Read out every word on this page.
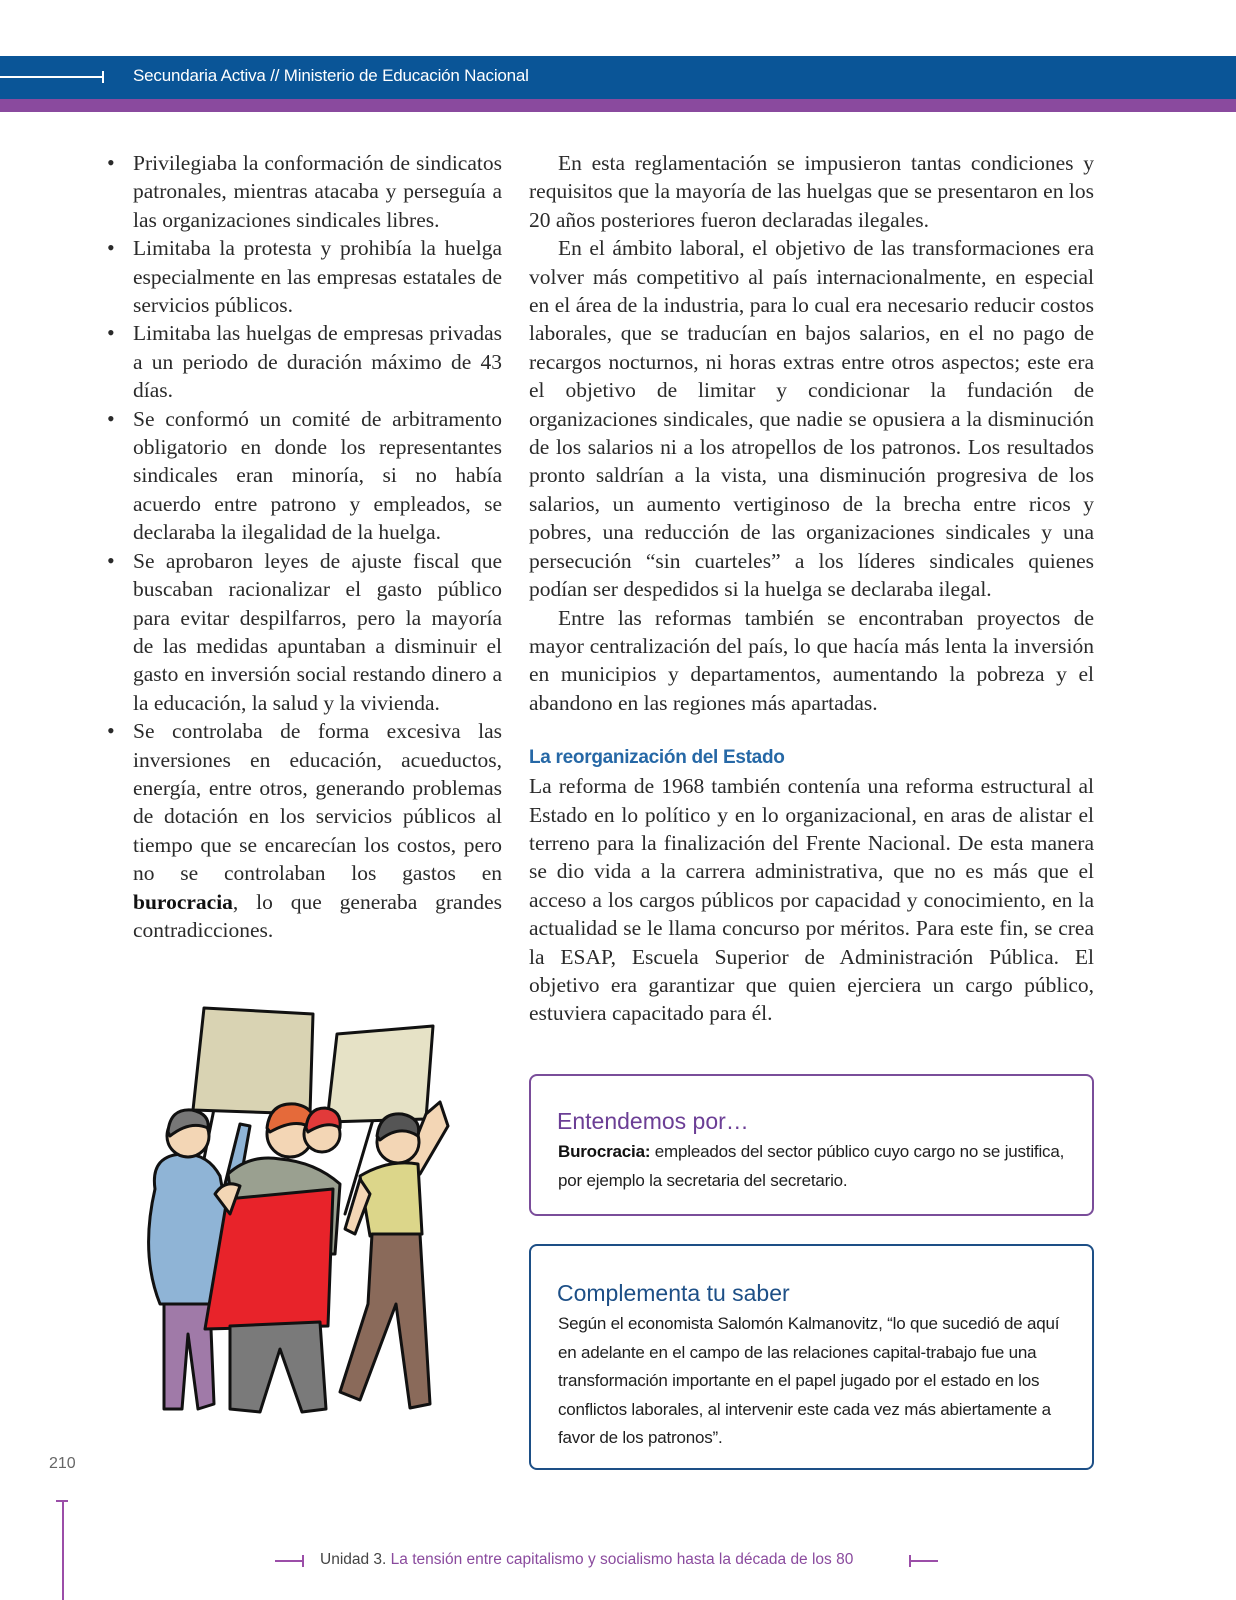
Secundaria Activa // Ministerio de Educación Nacional
• Privilegiaba la conformación de sindicatos patronales, mientras atacaba y perseguía a las organizaciones sindicales libres.
• Limitaba la protesta y prohibía la huelga especialmente en las empresas estatales de servicios públicos.
• Limitaba las huelgas de empresas privadas a un periodo de duración máximo de 43 días.
• Se conformó un comité de arbitramento obligatorio en donde los representantes sindicales eran minoría, si no había acuerdo entre patrono y empleados, se declaraba la ilegalidad de la huelga.
• Se aprobaron leyes de ajuste fiscal que buscaban racionalizar el gasto público para evitar despilfarros, pero la mayoría de las medidas apuntaban a disminuir el gasto en inversión social restando dinero a la educación, la salud y la vivienda.
• Se controlaba de forma excesiva las inversiones en educación, acueductos, energía, entre otros, generando problemas de dotación en los servicios públicos al tiempo que se encarecían los costos, pero no se controlaban los gastos en burocracia, lo que generaba grandes contradicciones.

En esta reglamentación se impusieron tantas condiciones y requisitos que la mayoría de las huelgas que se presentaron en los 20 años posteriores fueron declaradas ilegales.

En el ámbito laboral, el objetivo de las transformaciones era volver más competitivo al país internacionalmente, en especial en el área de la industria, para lo cual era necesario reducir costos laborales, que se traducían en bajos salarios, en el no pago de recargos nocturnos, ni horas extras entre otros aspectos; este era el objetivo de limitar y condicionar la fundación de organizaciones sindicales, que nadie se opusiera a la disminución de los salarios ni a los atropellos de los patronos. Los resultados pronto saldrían a la vista, una disminución progresiva de los salarios, un aumento vertiginoso de la brecha entre ricos y pobres, una reducción de las organizaciones sindicales y una persecución “sin cuarteles” a los líderes sindicales quienes podían ser despedidos si la huelga se declaraba ilegal.

Entre las reformas también se encontraban proyectos de mayor centralización del país, lo que hacía más lenta la inversión en municipios y departamentos, aumentando la pobreza y el abandono en las regiones más apartadas.

La reorganización del Estado

La reforma de 1968 también contenía una reforma estructural al Estado en lo político y en lo organizacional, en aras de alistar el terreno para la finalización del Frente Nacional. De esta manera se dio vida a la carrera administrativa, que no es más que el acceso a los cargos públicos por capacidad y conocimiento, en la actualidad se le llama concurso por méritos. Para este fin, se crea la ESAP, Escuela Superior de Administración Pública. El objetivo era garantizar que quien ejerciera un cargo público, estuviera capacitado para él.

Entendemos por…
Burocracia: empleados del sector público cuyo cargo no se justifica, por ejemplo la secretaria del secretario.
Complementa tu saber
Según el economista Salomón Kalmanovitz, “lo que sucedió de aquí en adelante en el campo de las relaciones capital-trabajo fue una transformación importante en el papel jugado por el estado en los conflictos laborales, al intervenir este cada vez más abiertamente a favor de los patronos”.
210
Unidad 3. La tensión entre capitalismo y socialismo hasta la década de los 80
